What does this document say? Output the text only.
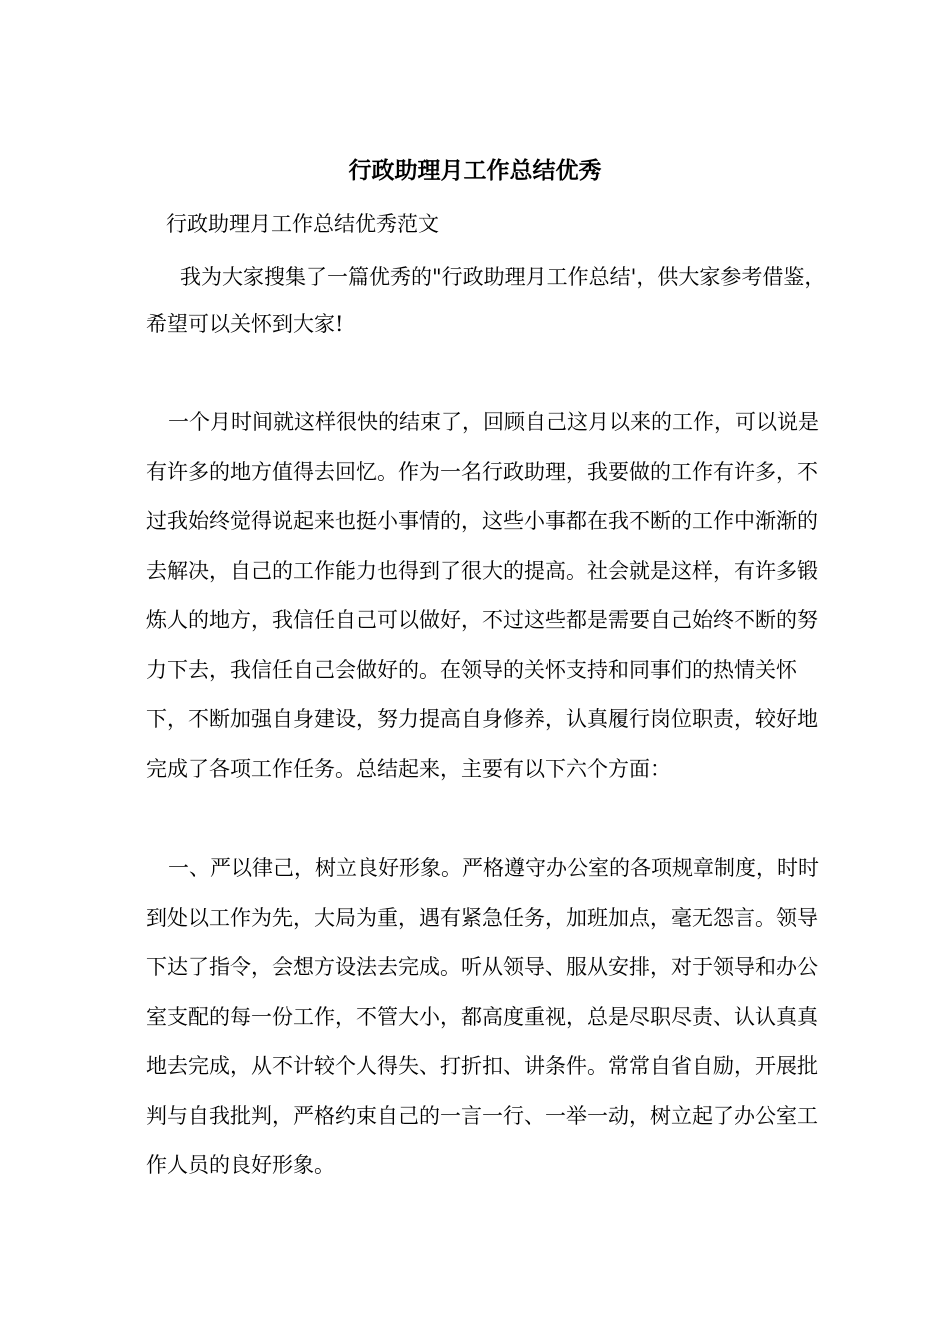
行政助理月工作总结优秀

行政助理月工作总结优秀范文

我为大家搜集了一篇优秀的"行政助理月工作总结'，供大家参考借鉴，希望可以关怀到大家!

一个月时间就这样很快的结束了，回顾自己这月以来的工作，可以说是有许多的地方值得去回忆。作为一名行政助理，我要做的工作有许多，不过我始终觉得说起来也挺小事情的，这些小事都在我不断的工作中渐渐的去解决，自己的工作能力也得到了很大的提高。社会就是这样，有许多锻炼人的地方，我信任自己可以做好，不过这些都是需要自己始终不断的努力下去，我信任自己会做好的。在领导的关怀支持和同事们的热情关怀下，不断加强自身建设，努力提高自身修养，认真履行岗位职责，较好地完成了各项工作任务。总结起来，主要有以下六个方面：

一、严以律己，树立良好形象。严格遵守办公室的各项规章制度，时时到处以工作为先，大局为重，遇有紧急任务，加班加点，毫无怨言。领导下达了指令，会想方设法去完成。听从领导、服从安排，对于领导和办公室支配的每一份工作，不管大小，都高度重视，总是尽职尽责、认认真真地去完成，从不计较个人得失、打折扣、讲条件。常常自省自励，开展批判与自我批判，严格约束自己的一言一行、一举一动，树立起了办公室工作人员的良好形象。
